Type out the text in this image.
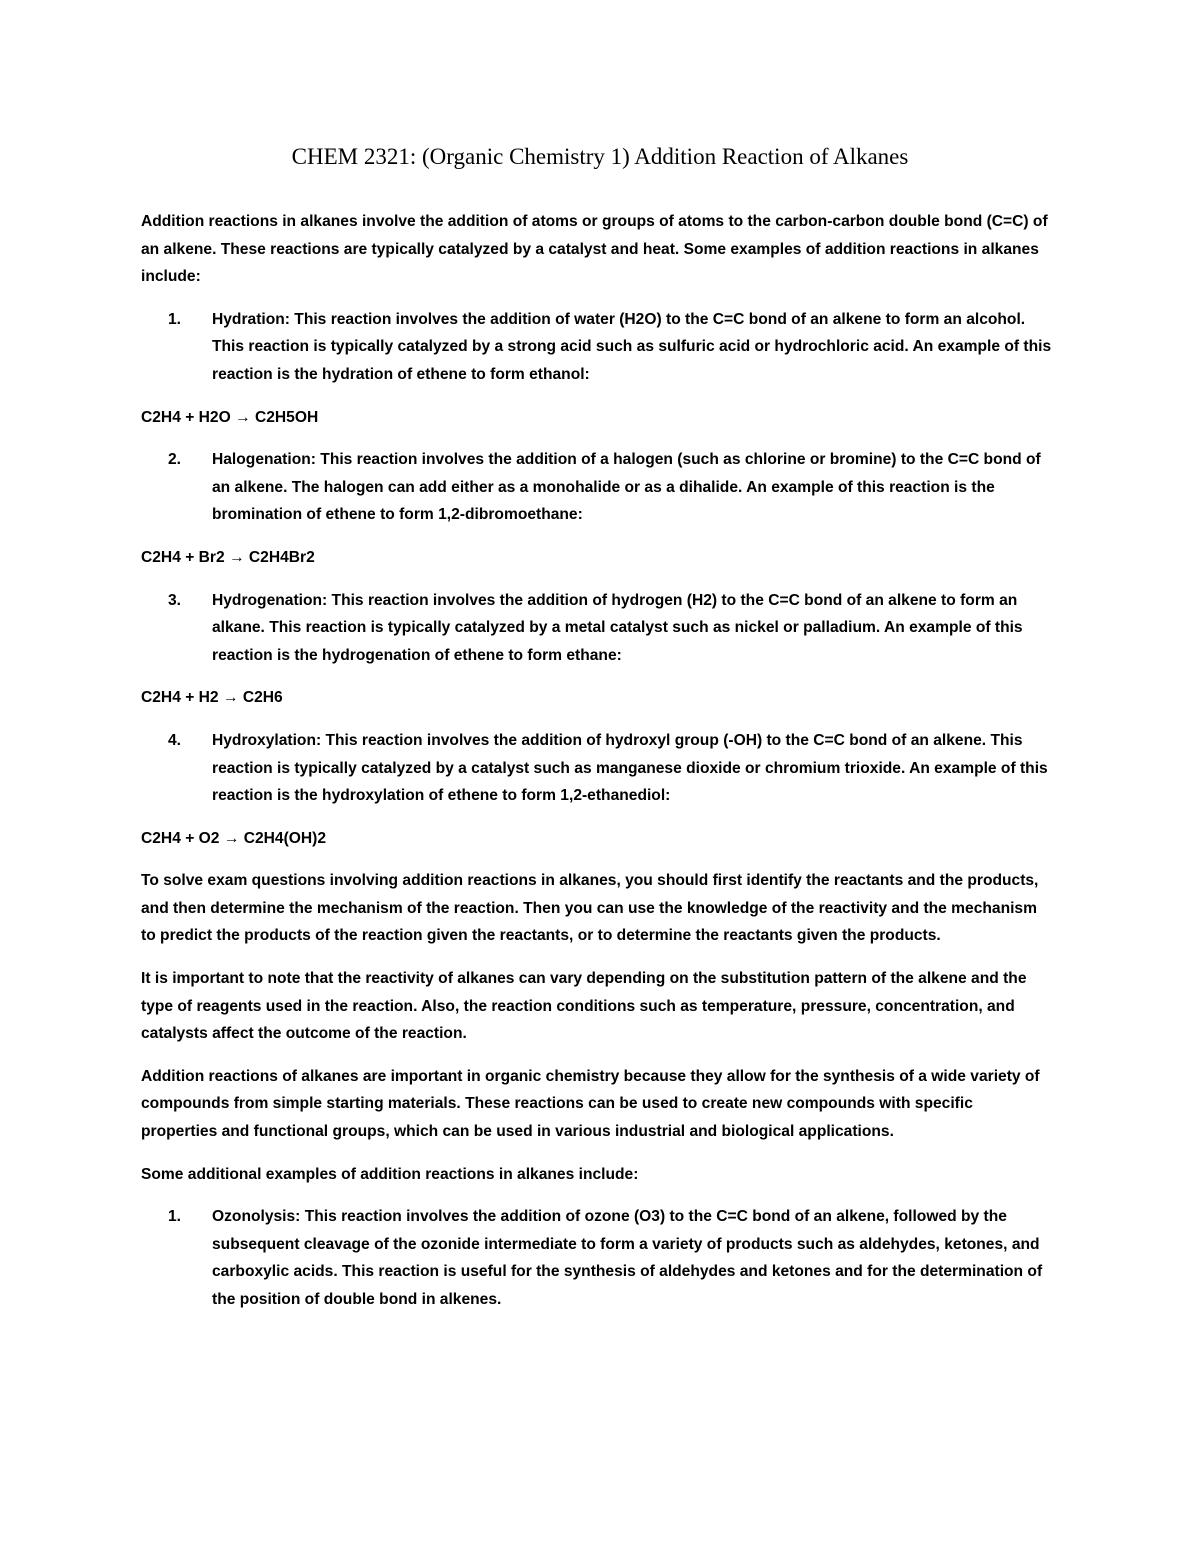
CHEM 2321: (Organic Chemistry 1) Addition Reaction of Alkanes

Addition reactions in alkanes involve the addition of atoms or groups of atoms to the carbon-carbon double bond (C=C) of an alkene. These reactions are typically catalyzed by a catalyst and heat. Some examples of addition reactions in alkanes include:

1.	Hydration: This reaction involves the addition of water (H2O) to the C=C bond of an alkene to form an alcohol. This reaction is typically catalyzed by a strong acid such as sulfuric acid or hydrochloric acid. An example of this reaction is the hydration of ethene to form ethanol:
C2H4 + H2O → C2H5OH
2.	Halogenation: This reaction involves the addition of a halogen (such as chlorine or bromine) to the C=C bond of an alkene. The halogen can add either as a monohalide or as a dihalide. An example of this reaction is the bromination of ethene to form 1,2-dibromoethane:
C2H4 + Br2 → C2H4Br2
3.	Hydrogenation: This reaction involves the addition of hydrogen (H2) to the C=C bond of an alkene to form an alkane. This reaction is typically catalyzed by a metal catalyst such as nickel or palladium. An example of this reaction is the hydrogenation of ethene to form ethane:
C2H4 + H2 → C2H6
4.	Hydroxylation: This reaction involves the addition of hydroxyl group (-OH) to the C=C bond of an alkene. This reaction is typically catalyzed by a catalyst such as manganese dioxide or chromium trioxide. An example of this reaction is the hydroxylation of ethene to form 1,2-ethanediol:
C2H4 + O2 → C2H4(OH)2

To solve exam questions involving addition reactions in alkanes, you should first identify the reactants and the products, and then determine the mechanism of the reaction. Then you can use the knowledge of the reactivity and the mechanism to predict the products of the reaction given the reactants, or to determine the reactants given the products.

It is important to note that the reactivity of alkanes can vary depending on the substitution pattern of the alkene and the type of reagents used in the reaction. Also, the reaction conditions such as temperature, pressure, concentration, and catalysts affect the outcome of the reaction.

Addition reactions of alkanes are important in organic chemistry because they allow for the synthesis of a wide variety of compounds from simple starting materials. These reactions can be used to create new compounds with specific properties and functional groups, which can be used in various industrial and biological applications.

Some additional examples of addition reactions in alkanes include:

1.	Ozonolysis: This reaction involves the addition of ozone (O3) to the C=C bond of an alkene, followed by the subsequent cleavage of the ozonide intermediate to form a variety of products such as aldehydes, ketones, and carboxylic acids. This reaction is useful for the synthesis of aldehydes and ketones and for the determination of the position of double bond in alkenes.
